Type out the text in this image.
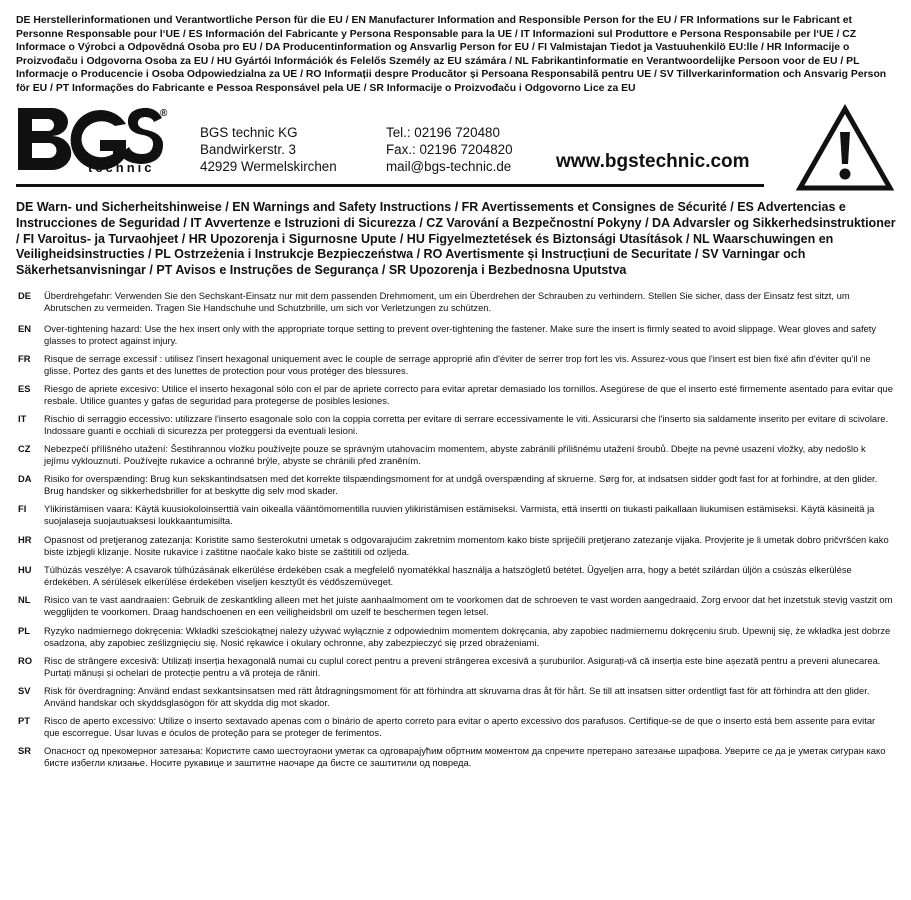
DE Herstellerinformationen und Verantwortliche Person für die EU / EN Manufacturer Information and Responsible Person for the EU / FR Informations sur le Fabricant et Personne Responsable pour l‘UE / ES Información del Fabricante y Persona Responsable para la UE / IT Informazioni sul Produttore e Persona Responsabile per l‘UE / CZ Informace o Výrobci a Odpovědná Osoba pro EU / DA Producentinformation og Ansvarlig Person for EU / FI Valmistajan Tiedot ja Vastuuhenkilö EU:lle / HR Informacije o Proizvođaču i Odgovorna Osoba za EU / HU Gyártói Információk és Felelős Személy az EU számára / NL Fabrikantinformatie en Verantwoordelijke Persoon voor de EU / PL Informacje o Producencie i Osoba Odpowiedzialna za UE / RO Informații despre Producător și Persoana Responsabilă pentru UE / SV Tillverkarinformation och Ansvarig Person för EU / PT Informações do Fabricante e Pessoa Responsável pela UE / SR Informacije o Proizvođaču i Odgovorno Lice za EU
®
technic
BGS technic KG
Bandwirkerstr. 3
42929 Wermelskirchen
Tel.: 02196 720480
Fax.: 02196 7204820
mail@bgs-technic.de www.bgstechnic.com
DE Warn- und Sicherheitshinweise / EN Warnings and Safety Instructions / FR Avertissements et Consignes de Sécurité / ES Advertencias e Instrucciones de Seguridad / IT Avvertenze e Istruzioni di Sicurezza / CZ Varování a Bezpečnostní Pokyny / DA Advarsler og Sikkerhedsinstruktioner / FI Varoitus- ja Turvaohjeet / HR Upozorenja i Sigurnosne Upute / HU Figyelmeztetések és Biztonsági Utasítások / NL Waarschuwingen en Veiligheidsinstructies / PL Ostrzeżenia i Instrukcje Bezpieczeństwa / RO Avertismente și Instrucțiuni de Securitate / SV Varningar och Säkerhetsanvisningar / PT Avisos e Instruções de Segurança / SR Upozorenja i Bezbednosna Uputstva
DE	Überdrehgefahr: Verwenden Sie den Sechskant-Einsatz nur mit dem passenden Drehmoment, um ein Überdrehen der Schrauben zu verhindern. Stellen Sie sicher, dass der Einsatz fest sitzt, um Abrutschen zu vermeiden. Tragen Sie Handschuhe und Schutzbrille, um sich vor Verletzungen zu schützen.
EN	Over-tightening hazard: Use the hex insert only with the appropriate torque setting to prevent over-tightening the fastener. Make sure the insert is firmly seated to avoid slippage. Wear gloves and safety glasses to protect against injury.
FR	Risque de serrage excessif : utilisez l'insert hexagonal uniquement avec le couple de serrage approprié afin d'éviter de serrer trop fort les vis. Assurez-vous que l'insert est bien fixé afin d'éviter qu'il ne glisse. Portez des gants et des lunettes de protection pour vous protéger des blessures.
ES	Riesgo de apriete excesivo: Utilice el inserto hexagonal sólo con el par de apriete correcto para evitar apretar demasiado los tornillos. Asegúrese de que el inserto esté firmemente asentado para evitar que resbale. Utilice guantes y gafas de seguridad para protegerse de posibles lesiones.
IT	Rischio di serraggio eccessivo: utilizzare l'inserto esagonale solo con la coppia corretta per evitare di serrare eccessivamente le viti. Assicurarsi che l'inserto sia saldamente inserito per evitare di scivolare. Indossare guanti e occhiali di sicurezza per proteggersi da eventuali lesioni.
CZ	Nebezpečí přílišného utažení: Šestihrannou vložku používejte pouze se správným utahovacím momentem, abyste zabránili přílišnému utažení šroubů. Dbejte na pevné usazení vložky, aby nedošlo k jejímu vyklouznutí. Používejte rukavice a ochranné brýle, abyste se chránili před zraněním.
DA	Risiko for overspænding: Brug kun sekskantindsatsen med det korrekte tilspændingsmoment for at undgå overspænding af skruerne. Sørg for, at indsatsen sidder godt fast for at forhindre, at den glider. Brug handsker og sikkerhedsbriller for at beskytte dig selv mod skader.
FI	Ylikiristämisen vaara: Käytä kuusiokoloinserttiä vain oikealla vääntömomentilla ruuvien ylikiristämisen estämiseksi. Varmista, että insertti on tiukasti paikallaan liukumisen estämiseksi. Käytä käsineitä ja suojalaseja suojautuaksesi loukkaantumisilta.
HR	Opasnost od pretjeranog zatezanja: Koristite samo šesterokutni umetak s odgovarajućim zakretnim momentom kako biste spriječili pretjerano zatezanje vijaka. Provjerite je li umetak dobro pričvršćen kako biste izbjegli klizanje. Nosite rukavice i zaštitne naočale kako biste se zaštitili od ozljeda.
HU	Túlhúzás veszélye: A csavarok túlhúzásának elkerülése érdekében csak a megfelelő nyomatékkal használja a hatszögletű betétet. Ügyeljen arra, hogy a betét szilárdan üljön a csúszás elkerülése érdekében. A sérülések elkerülése érdekében viseljen kesztyűt és védőszemüveget.
NL	Risico van te vast aandraaien: Gebruik de zeskantkling alleen met het juiste aanhaalmoment om te voorkomen dat de schroeven te vast worden aangedraaid. Zorg ervoor dat het inzetstuk stevig vastzit om wegglijden te voorkomen. Draag handschoenen en een veiligheidsbril om uzelf te beschermen tegen letsel.
PL	Ryzyko nadmiernego dokręcenia: Wkładki sześciokątnej należy używać wyłącznie z odpowiednim momentem dokręcania, aby zapobiec nadmiernemu dokręceniu śrub. Upewnij się, że wkładka jest dobrze osadzona, aby zapobiec ześlizgnięciu się. Nosić rękawice i okulary ochronne, aby zabezpieczyć się przed obrażeniami.
RO	Risc de strângere excesivă: Utilizați inserția hexagonală numai cu cuplul corect pentru a preveni strângerea excesivă a șuruburilor. Asigurați-vă că inserția este bine așezată pentru a preveni alunecarea. Purtați mănuși și ochelari de protecție pentru a vă proteja de răniri.
SV	Risk för överdragning: Använd endast sexkantsinsatsen med rätt åtdragningsmoment för att förhindra att skruvarna dras åt för hårt. Se till att insatsen sitter ordentligt fast för att förhindra att den glider. Använd handskar och skyddsglasögon för att skydda dig mot skador.
PT	Risco de aperto excessivo: Utilize o inserto sextavado apenas com o binário de aperto correto para evitar o aperto excessivo dos parafusos. Certifique-se de que o inserto está bem assente para evitar que escorregue. Usar luvas e óculos de proteção para se proteger de ferimentos.
SR	Опасност од прекомерног затезања: Користите само шестоугаони уметак са одговарајућим обртним моментом да спречите претерано затезање шрафова. Уверите се да је уметак сигуран како бисте избегли клизање. Носите рукавице и заштитне наочаре да бисте се заштитили од повреда.
